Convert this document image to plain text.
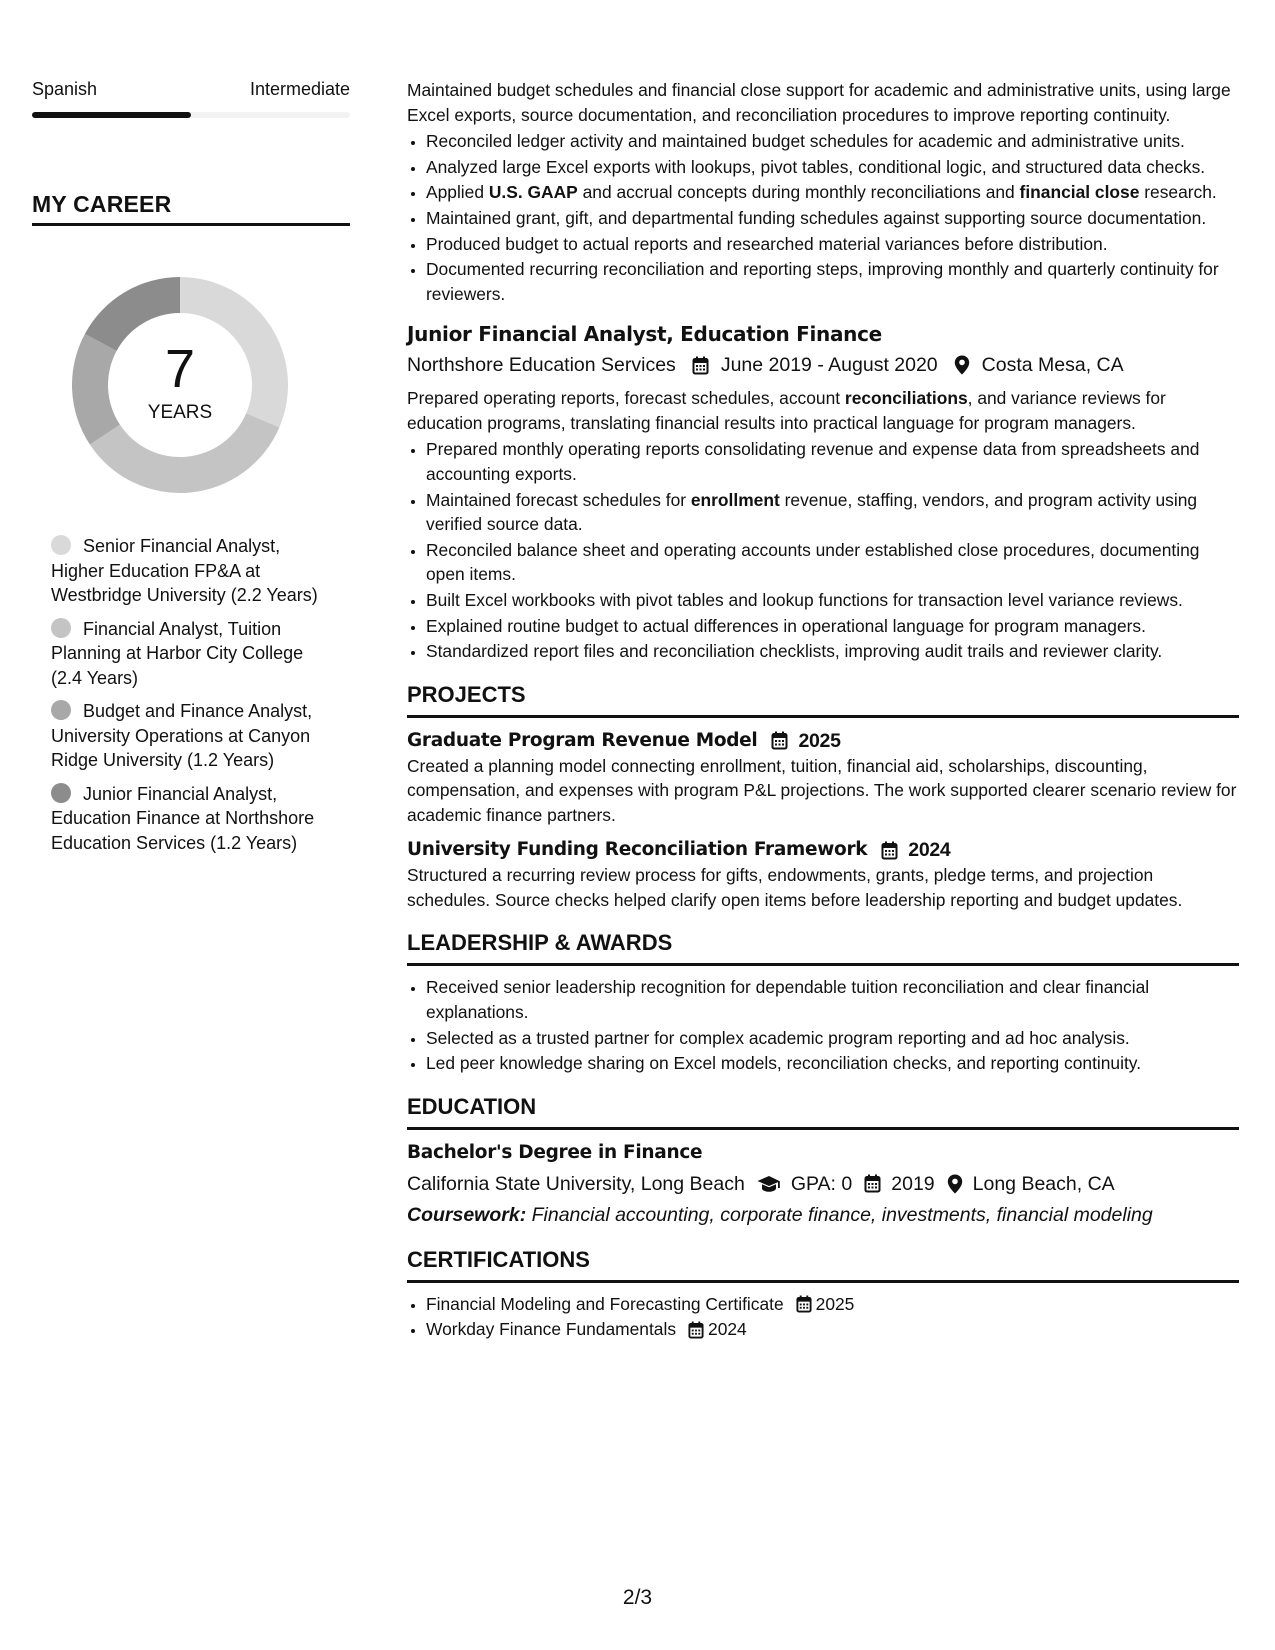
Spanish	Intermediate
MY CAREER
7
YEARS
Senior Financial Analyst, Higher Education FP&A at Westbridge University (2.2 Years)
Financial Analyst, Tuition Planning at Harbor City College (2.4 Years)
Budget and Finance Analyst, University Operations at Canyon Ridge University (1.2 Years)
Junior Financial Analyst, Education Finance at Northshore Education Services (1.2 Years)

Maintained budget schedules and financial close support for academic and administrative units, using large Excel exports, source documentation, and reconciliation procedures to improve reporting continuity.

• Reconciled ledger activity and maintained budget schedules for academic and administrative units.
• Analyzed large Excel exports with lookups, pivot tables, conditional logic, and structured data checks.
• Applied U.S. GAAP and accrual concepts during monthly reconciliations and financial close research.
• Maintained grant, gift, and departmental funding schedules against supporting source documentation.
• Produced budget to actual reports and researched material variances before distribution.
• Documented recurring reconciliation and reporting steps, improving monthly and quarterly continuity for reviewers.
Junior Financial Analyst, Education Finance
Northshore Education Services June 2019 - August 2020 Costa Mesa, CA

Prepared operating reports, forecast schedules, account reconciliations, and variance reviews for education programs, translating financial results into practical language for program managers.

• Prepared monthly operating reports consolidating revenue and expense data from spreadsheets and accounting exports.
• Maintained forecast schedules for enrollment revenue, staffing, vendors, and program activity using verified source data.
• Reconciled balance sheet and operating accounts under established close procedures, documenting open items.
• Built Excel workbooks with pivot tables and lookup functions for transaction level variance reviews.
• Explained routine budget to actual differences in operational language for program managers.
• Standardized report files and reconciliation checklists, improving audit trails and reviewer clarity.
PROJECTS
Graduate Program Revenue Model 2025

Created a planning model connecting enrollment, tuition, financial aid, scholarships, discounting, compensation, and expenses with program P&L projections. The work supported clearer scenario review for academic finance partners.

University Funding Reconciliation Framework 2024

Structured a recurring review process for gifts, endowments, grants, pledge terms, and projection schedules. Source checks helped clarify open items before leadership reporting and budget updates.

LEADERSHIP & AWARDS
• Received senior leadership recognition for dependable tuition reconciliation and clear financial explanations.
• Selected as a trusted partner for complex academic program reporting and ad hoc analysis.
• Led peer knowledge sharing on Excel models, reconciliation checks, and reporting continuity.
EDUCATION
Bachelor's Degree in Finance
California State University, Long Beach GPA: 0 2019 Long Beach, CA
Coursework: Financial accounting, corporate finance, investments, financial modeling
CERTIFICATIONS
• Financial Modeling and Forecasting Certificate 2025
• Workday Finance Fundamentals 2024
2/3
